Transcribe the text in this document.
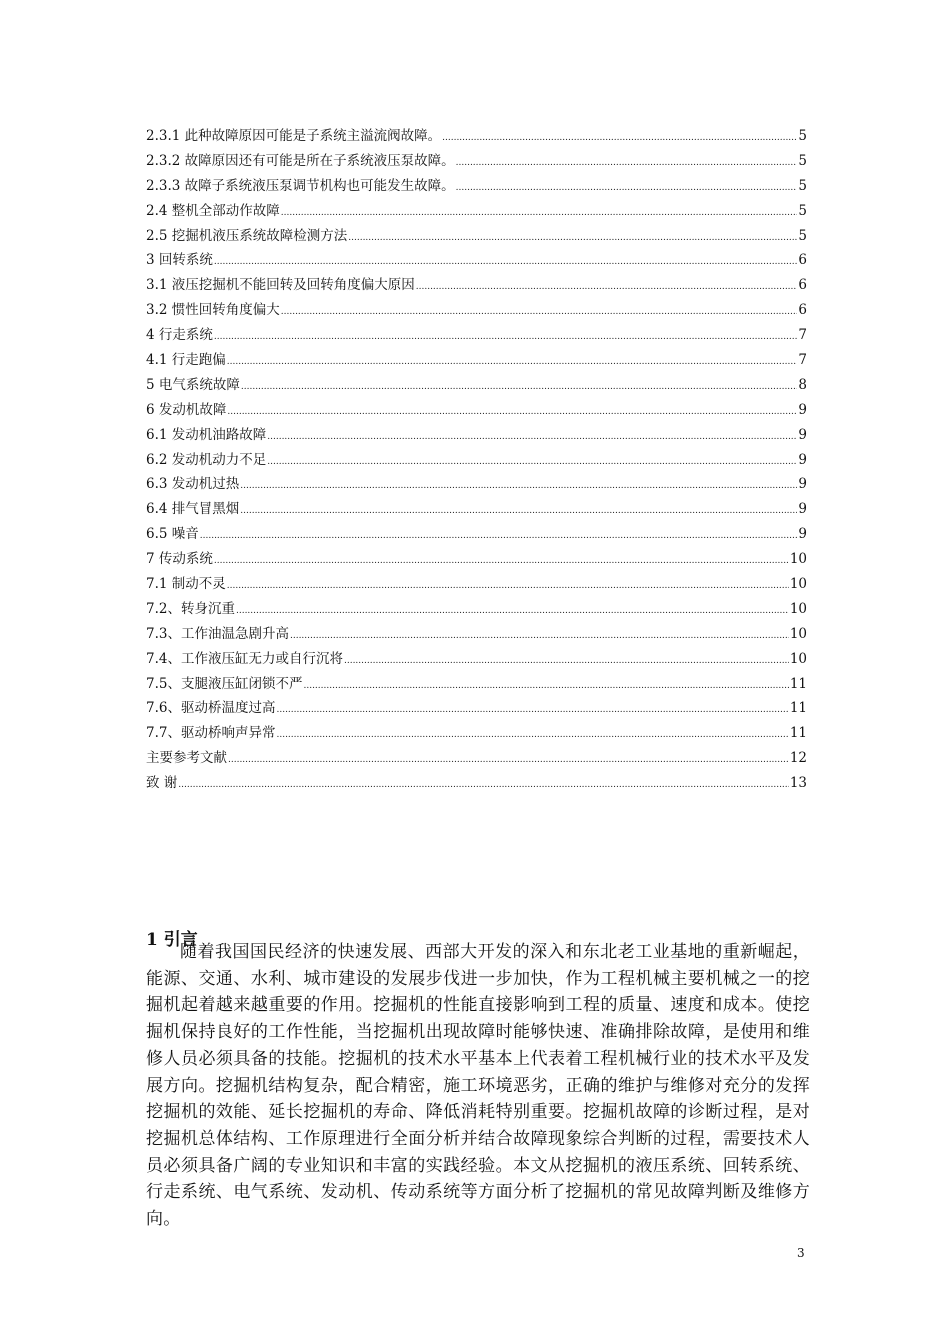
2.3.1 此种故障原因可能是子系统主溢流阀故障。 .....	5
2.3.2 故障原因还有可能是所在子系统液压泵故障。 .....	5
2.3.3 故障子系统液压泵调节机构也可能发生故障。 .....	5
2.4 整机全部动作故障 .....	5
2.5 挖掘机液压系统故障检测方法 .....	5
3 回转系统 .....	6
3.1 液压挖掘机不能回转及回转角度偏大原因 .....	6
3.2 惯性回转角度偏大 .....	6
4 行走系统 .....	7
4.1 行走跑偏 .....	7
5 电气系统故障 .....	8
6 发动机故障 .....	9
6.1 发动机油路故障 .....	9
6.2 发动机动力不足 .....	9
6.3 发动机过热 .....	9
6.4 排气冒黑烟 .....	9
6.5 噪音 .....	9
7 传动系统 .....	10
7.1 制动不灵 .....	10
7.2、转身沉重 .....	10
7.3、工作油温急剧升高 .....	10
7.4、工作液压缸无力或自行沉将 .....	10
7.5、支腿液压缸闭锁不严 .....	11
7.6、驱动桥温度过高 .....	11
7.7、驱动桥响声异常 .....	11
主要参考文献 .....	12
致 谢 .....	13
1 引言

随着我国国民经济的快速发展、西部大开发的深入和东北老工业基地的重新崛起，能源、交通、水利、城市建设的发展步伐进一步加快，作为工程机械主要机械之一的挖掘机起着越来越重要的作用。挖掘机的性能直接影响到工程的质量、速度和成本。使挖掘机保持良好的工作性能，当挖掘机出现故障时能够快速、准确排除故障，是使用和维修人员必须具备的技能。挖掘机的技术水平基本上代表着工程机械行业的技术水平及发展方向。挖掘机结构复杂，配合精密，施工环境恶劣，正确的维护与维修对充分的发挥挖掘机的效能、延长挖掘机的寿命、降低消耗特别重要。挖掘机故障的诊断过程，是对挖掘机总体结构、工作原理进行全面分析并结合故障现象综合判断的过程，需要技术人员必须具备广阔的专业知识和丰富的实践经验。本文从挖掘机的液压系统、回转系统、行走系统、电气系统、发动机、传动系统等方面分析了挖掘机的常见故障判断及维修方向。

3
